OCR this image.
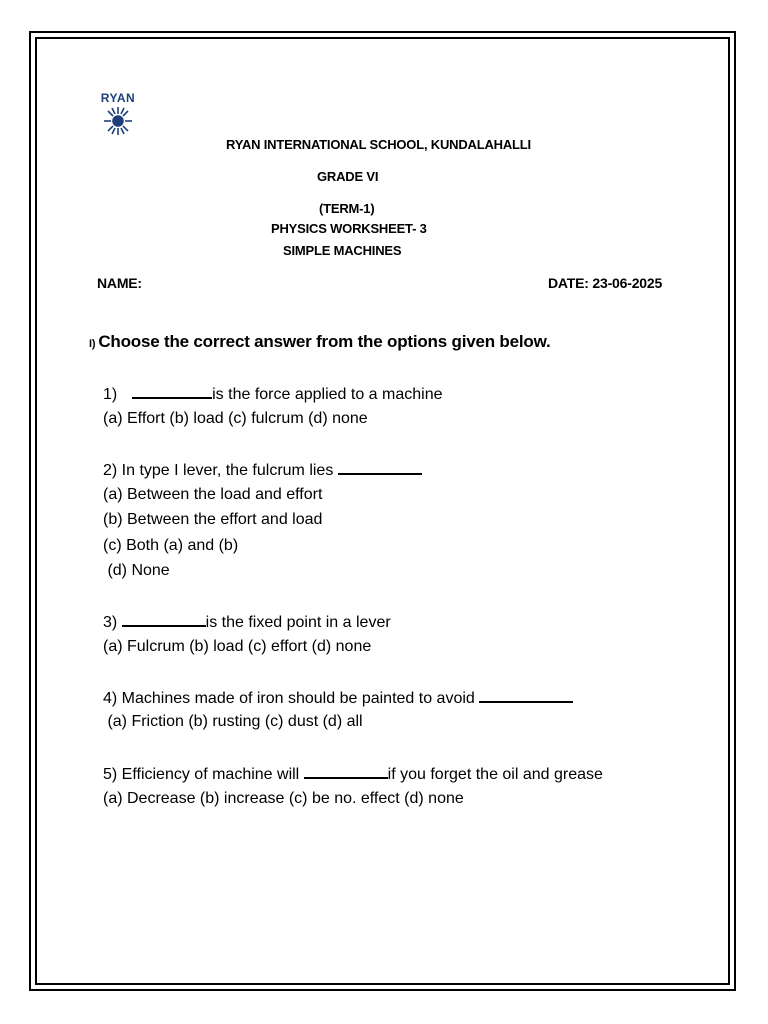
RYAN

RYAN INTERNATIONAL SCHOOL, KUNDALAHALLI
GRADE VI
(TERM-1)
PHYSICS WORKSHEET- 3
SIMPLE MACHINES
NAME:	DATE: 23-06-2025
I) Choose the correct answer from the options given below.
1)	is the force applied to a machine
(a) Effort (b) load (c) fulcrum (d) none
2) In type I lever, the fulcrum lies
(a) Between the load and effort
(b) Between the effort and load
(c) Both (a) and (b)
(d) None
3)	is the fixed point in a lever
(a) Fulcrum (b) load (c) effort (d) none
4) Machines made of iron should be painted to avoid
(a) Friction (b) rusting (c) dust (d) all
5) Efficiency of machine will	if you forget the oil and grease
(a) Decrease (b) increase (c) be no. effect (d) none
